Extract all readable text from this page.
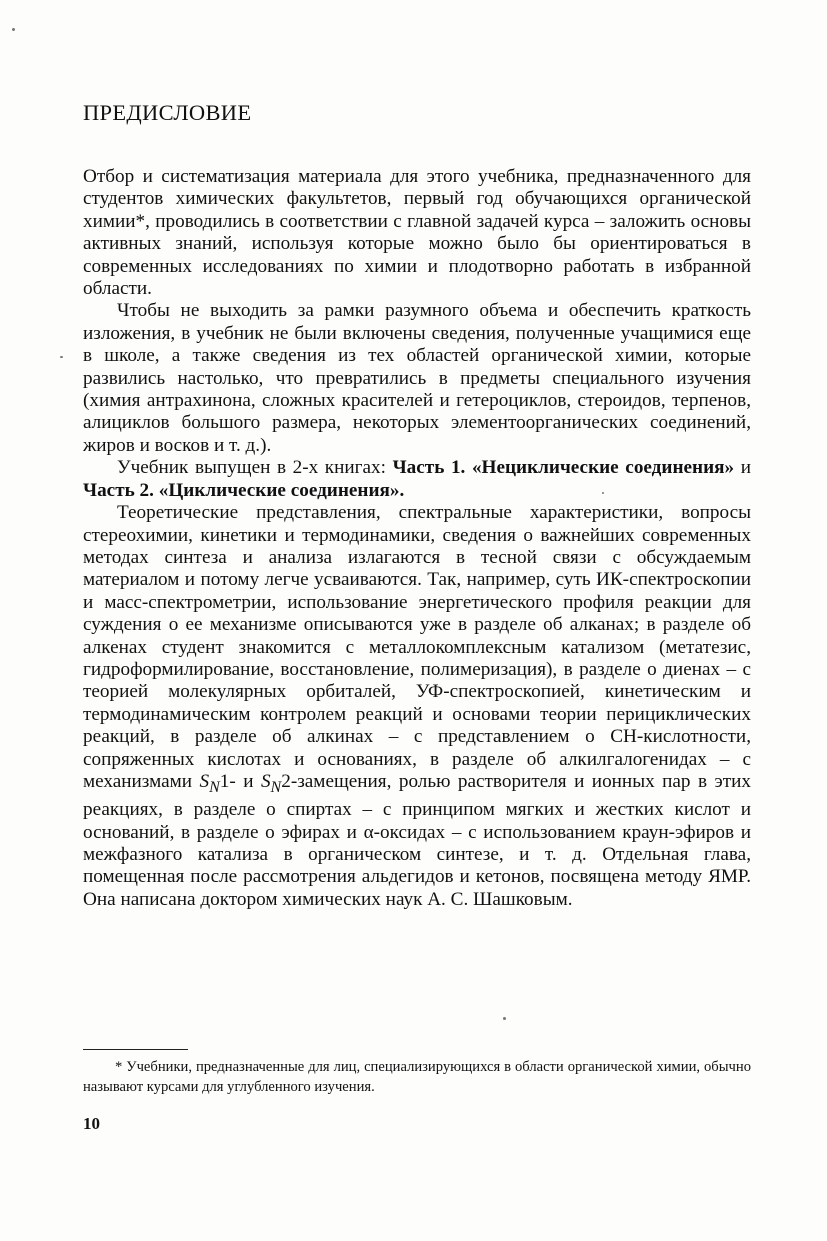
ПРЕДИСЛОВИЕ

Отбор и систематизация материала для этого учебника, предназначенного для студентов химических факультетов, первый год обучающихся органической химии*, проводились в соответствии с главной задачей курса – заложить основы активных знаний, используя которые можно было бы ориентироваться в современных исследованиях по химии и плодотворно работать в избранной области.

Чтобы не выходить за рамки разумного объема и обеспечить краткость изложения, в учебник не были включены сведения, полученные учащимися еще в школе, а также сведения из тех областей органической химии, которые развились настолько, что превратились в предметы специального изучения (химия антрахинона, сложных красителей и гетероциклов, стероидов, терпенов, алициклов большого размера, некоторых элементоорганических соединений, жиров и восков и т. д.).

Учебник выпущен в 2-х книгах: Часть 1. «Нециклические соединения» и Часть 2. «Циклические соединения».

Теоретические представления, спектральные характеристики, вопросы стереохимии, кинетики и термодинамики, сведения о важнейших современных методах синтеза и анализа излагаются в тесной связи с обсуждаемым материалом и потому легче усваиваются. Так, например, суть ИК-спектроскопии и масс-спектрометрии, использование энергетического профиля реакции для суждения о ее механизме описываются уже в разделе об алканах; в разделе об алкенах студент знакомится с металлокомплексным катализом (метатезис, гидроформилирование, восстановление, полимеризация), в разделе о диенах – с теорией молекулярных орбиталей, УФ-спектроскопией, кинетическим и термодинамическим контролем реакций и основами теории перициклических реакций, в разделе об алкинах – с представлением о СН-кислотности, сопряженных кислотах и основаниях, в разделе об алкилгалогенидах – с механизмами $S_N1-$ и $S_N2$-замещения, ролью растворителя и ионных пар в этих реакциях, в разделе о спиртах – с принципом мягких и жестких кислот и оснований, в разделе о эфирах и α-оксидах – с использованием краун-эфиров и межфазного катализа в органическом синтезе, и т. д. Отдельная глава, помещенная после рассмотрения альдегидов и кетонов, посвящена методу ЯМР. Она написана доктором химических наук А. С. Шашковым.

* Учебники, предназначенные для лиц, специализирующихся в области органической химии, обычно называют курсами для углубленного изучения.
10
